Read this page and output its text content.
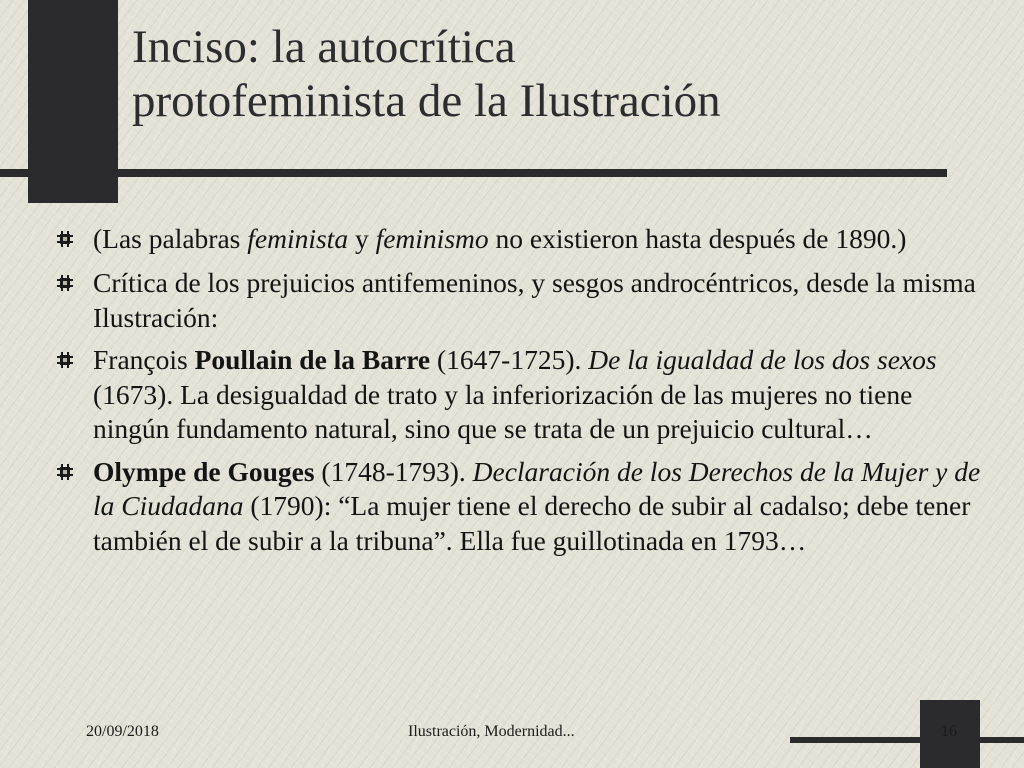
Inciso: la autocrítica
protofeminista de la Ilustración
(Las palabras feminista y feminismo no existieron hasta después de 1890.)
Crítica de los prejuicios antifemeninos, y sesgos androcéntricos, desde la misma Ilustración:
François Poullain de la Barre (1647-1725). De la igualdad de los dos sexos (1673). La desigualdad de trato y la inferiorización de las mujeres no tiene ningún fundamento natural, sino que se trata de un prejuicio cultural…
Olympe de Gouges (1748-1793). Declaración de los Derechos de la Mujer y de la Ciudadana (1790): “La mujer tiene el derecho de subir al cadalso; debe tener también el de subir a la tribuna”. Ella fue guillotinada en 1793…
20/09/2018	Ilustración, Modernidad...	16
